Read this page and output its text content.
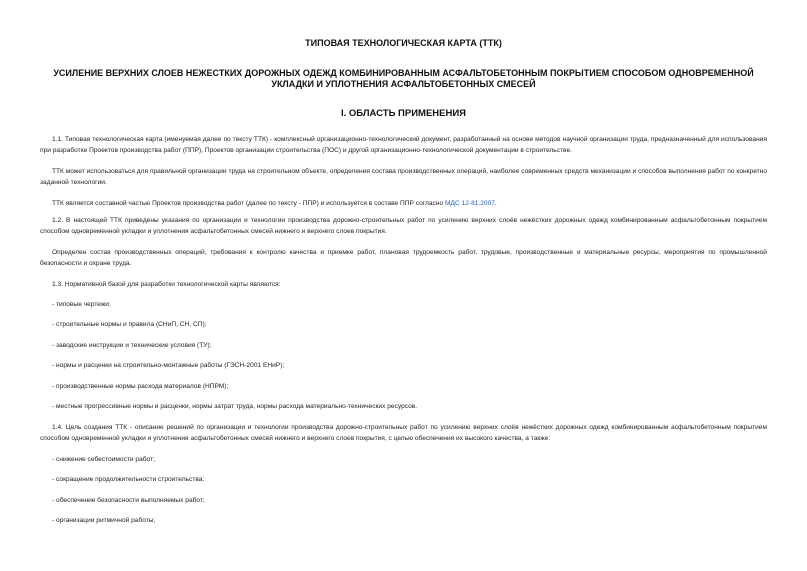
ТИПОВАЯ ТЕХНОЛОГИЧЕСКАЯ КАРТА (ТТК)
УСИЛЕНИЕ ВЕРХНИХ СЛОЕВ НЕЖЕСТКИХ ДОРОЖНЫХ ОДЕЖД КОМБИНИРОВАННЫМ АСФАЛЬТОБЕТОННЫМ ПОКРЫТИЕМ СПОСОБОМ ОДНОВРЕМЕННОЙ УКЛАДКИ И УПЛОТНЕНИЯ АСФАЛЬТОБЕТОННЫХ СМЕСЕЙ
I. ОБЛАСТЬ ПРИМЕНЕНИЯ

1.1. Типовая технологическая карта (именуемая далее по тексту ТТК) - комплексный организационно-технологический документ, разработанный на основе методов научной организации труда, предназначенный для использования при разработке Проектов производства работ (ППР), Проектов организации строительства (ПОС) и другой организационно-технологической документации в строительстве.

ТТК может использоваться для правильной организации труда на строительном объекте, определения состава производственных операций, наиболее современных средств механизации и способов выполнения работ по конкретно заданной технологии.

ТТК является составной частью Проектов производства работ (далее по тексту - ППР) и используется в составе ППР согласно МДС 12-81.2007.

1.2. В настоящей ТТК приведены указания по организации и технологии производства дорожно-строительных работ по усилению верхних слоёв нежёстких дорожных одежд комбинированным асфальтобетонным покрытием способом одновременной укладки и уплотнения асфальтобетонных смесей нижнего и верхнего слоев покрытия.

Определен состав производственных операций, требования к контролю качества и приемке работ, плановая трудоемкость работ, трудовые, производственные и материальные ресурсы, мероприятия по промышленной безопасности и охране труда.

1.3. Нормативной базой для разработки технологической карты являются:

- типовые чертежи;

- строительные нормы и правила (СНиП, СН, СП);

- заводские инструкции и технические условия (ТУ);

- нормы и расценки на строительно-монтажные работы (ГЭСН-2001 ЕНиР);

- производственные нормы расхода материалов (НПРМ);

- местные прогрессивные нормы и расценки, нормы затрат труда, нормы расхода материально-технических ресурсов.

1.4. Цель создания ТТК - описание решений по организации и технологии производства дорожно-строительных работ по усилению верхних слоёв нежёстких дорожных одежд комбинированным асфальтобетонным покрытием способом одновременной укладки и уплотнения асфальтобетонных смесей нижнего и верхнего слоев покрытия, с целью обеспечения их высокого качества, а также:

- снижение себестоимости работ;

- сокращение продолжительности строительства;

- обеспечение безопасности выполняемых работ;

- организации ритмичной работы;
